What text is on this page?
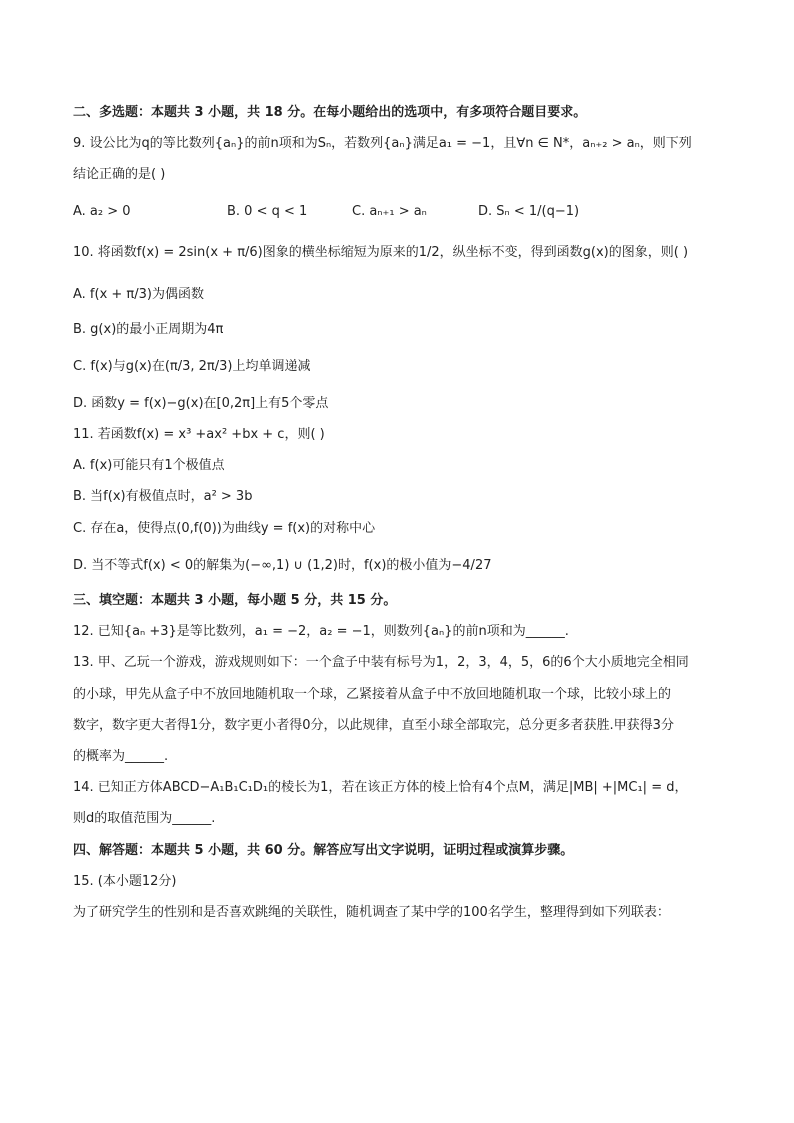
二、多选题：本题共 3 小题，共 18 分。在每小题给出的选项中，有多项符合题目要求。
9. 设公比为q的等比数列{aₙ}的前n项和为Sₙ，若数列{aₙ}满足a₁ = −1，且∀n ∈ N*，aₙ₊₂ > aₙ，则下列
结论正确的是( )
A. a₂ > 0	B. 0 < q < 1	C. aₙ₊₁ > aₙ	D. Sₙ < 1/(q−1)
10. 将函数f(x) = 2sin(x + π/6)图象的横坐标缩短为原来的1/2，纵坐标不变，得到函数g(x)的图象，则( )
A. f(x + π/3)为偶函数
B. g(x)的最小正周期为4π
C. f(x)与g(x)在(π/3, 2π/3)上均单调递减
D. 函数y = f(x)−g(x)在[0,2π]上有5个零点
11. 若函数f(x) = x³ +ax² +bx + c，则( )
A. f(x)可能只有1个极值点
B. 当f(x)有极值点时，a² > 3b
C. 存在a，使得点(0,f(0))为曲线y = f(x)的对称中心
D. 当不等式f(x) < 0的解集为(−∞,1) ∪ (1,2)时，f(x)的极小值为−4/27
三、填空题：本题共 3 小题，每小题 5 分，共 15 分。
12. 已知{aₙ +3}是等比数列，a₁ = −2，a₂ = −1，则数列{aₙ}的前n项和为______.
13. 甲、乙玩一个游戏，游戏规则如下：一个盒子中装有标号为1，2，3，4，5，6的6个大小质地完全相同
的小球，甲先从盒子中不放回地随机取一个球，乙紧接着从盒子中不放回地随机取一个球，比较小球上的
数字，数字更大者得1分，数字更小者得0分，以此规律，直至小球全部取完，总分更多者获胜.甲获得3分
的概率为______.
14. 已知正方体ABCD−A₁B₁C₁D₁的棱长为1，若在该正方体的棱上恰有4个点M，满足|MB| +|MC₁| = d，
则d的取值范围为______.
四、解答题：本题共 5 小题，共 60 分。解答应写出文字说明，证明过程或演算步骤。
15. (本小题12分)
为了研究学生的性别和是否喜欢跳绳的关联性，随机调查了某中学的100名学生，整理得到如下列联表：
